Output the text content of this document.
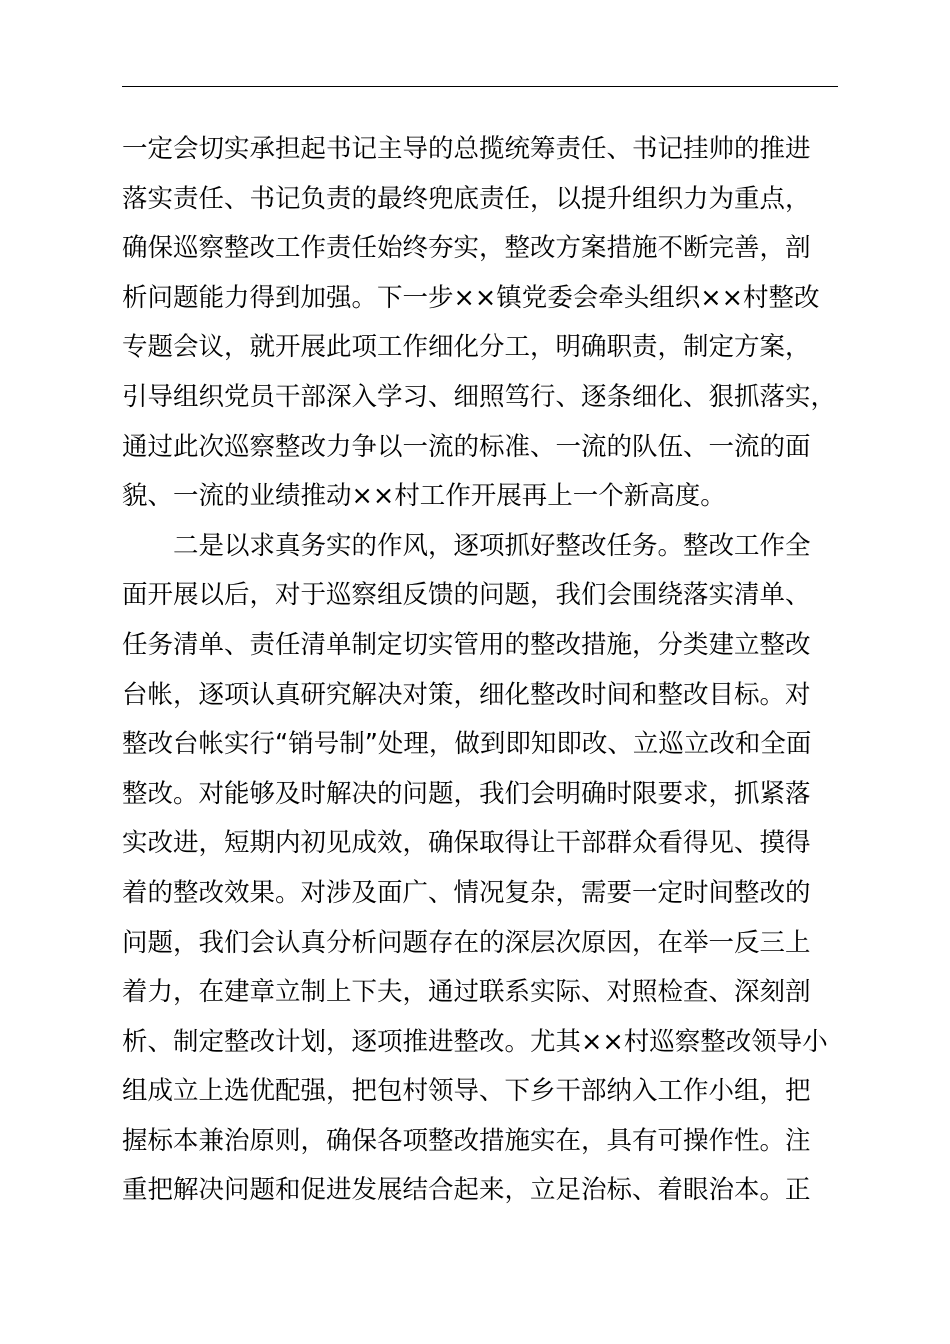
一定会切实承担起书记主导的总揽统筹责任、书记挂帅的推进
落实责任、书记负责的最终兜底责任，以提升组织力为重点，
确保巡察整改工作责任始终夯实，整改方案措施不断完善，剖
析问题能力得到加强。下一步××镇党委会牵头组织××村整改
专题会议，就开展此项工作细化分工，明确职责，制定方案，
引导组织党员干部深入学习、细照笃行、逐条细化、狠抓落实，
通过此次巡察整改力争以一流的标准、一流的队伍、一流的面
貌、一流的业绩推动××村工作开展再上一个新高度。
二是以求真务实的作风，逐项抓好整改任务。整改工作全
面开展以后，对于巡察组反馈的问题，我们会围绕落实清单、
任务清单、责任清单制定切实管用的整改措施，分类建立整改
台帐，逐项认真研究解决对策，细化整改时间和整改目标。对
整改台帐实行“销号制”处理，做到即知即改、立巡立改和全面
整改。对能够及时解决的问题，我们会明确时限要求，抓紧落
实改进，短期内初见成效，确保取得让干部群众看得见、摸得
着的整改效果。对涉及面广、情况复杂，需要一定时间整改的
问题，我们会认真分析问题存在的深层次原因，在举一反三上
着力，在建章立制上下夫，通过联系实际、对照检查、深刻剖
析、制定整改计划，逐项推进整改。尤其××村巡察整改领导小
组成立上选优配强，把包村领导、下乡干部纳入工作小组，把
握标本兼治原则，确保各项整改措施实在，具有可操作性。注
重把解决问题和促进发展结合起来，立足治标、着眼治本。正
